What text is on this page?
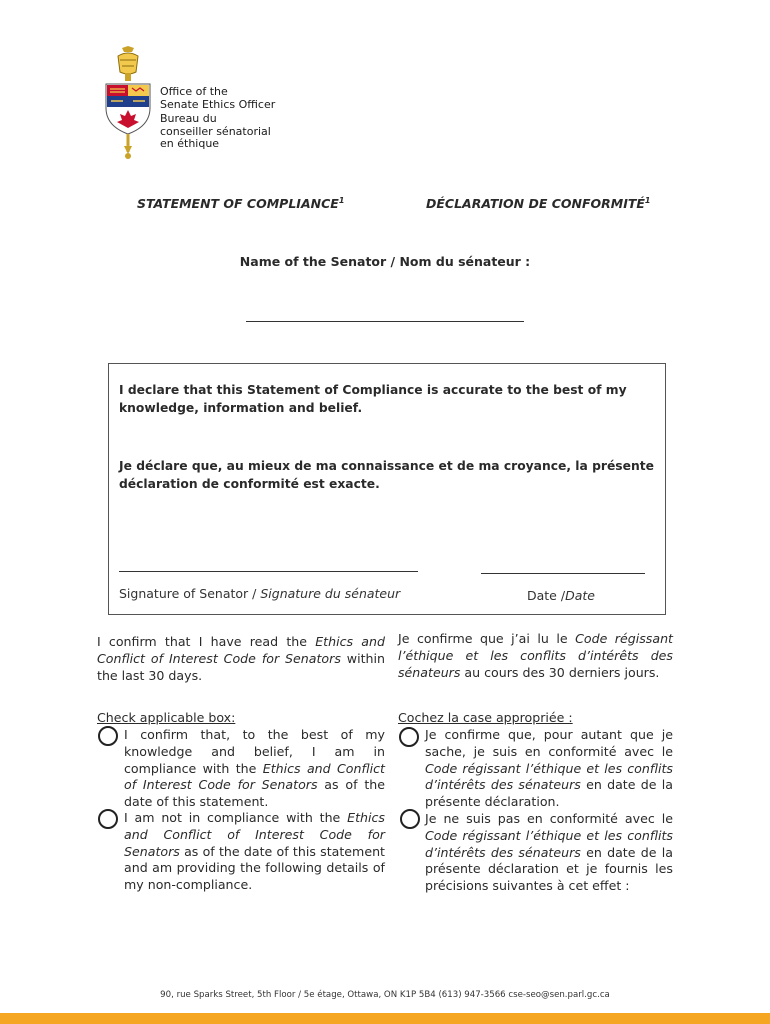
Office of the
Senate Ethics Officer
Bureau du
conseiller sénatorial
en éthique
STATEMENT OF COMPLIANCE$^1$	DÉCLARATION DE CONFORMITÉ$^1$
Name of the Senator / Nom du sénateur :
I declare that this Statement of Compliance is accurate to the best of my knowledge, information and belief.
Je déclare que, au mieux de ma connaissance et de ma croyance, la présente déclaration de conformité est exacte.
Signature of Senator / Signature du sénateur	Date /Date
I confirm that I have read the Ethics and Conflict of Interest Code for Senators within the last 30 days.
Check applicable box:
I confirm that, to the best of my knowledge and belief, I am in compliance with the Ethics and Conflict of Interest Code for Senators as of the date of this statement.
I am not in compliance with the Ethics and Conflict of Interest Code for Senators as of the date of this statement and am providing the following details of my non-compliance.
Je confirme que j’ai lu le Code régissant l’éthique et les conflits d’intérêts des sénateurs au cours des 30 derniers jours.
Cochez la case appropriée :
Je confirme que, pour autant que je sache, je suis en conformité avec le Code régissant l’éthique et les conflits d’intérêts des sénateurs en date de la présente déclaration.
Je ne suis pas en conformité avec le Code régissant l’éthique et les conflits d’intérêts des sénateurs en date de la présente déclaration et je fournis les précisions suivantes à cet effet :
90, rue Sparks Street, 5th Floor / 5e étage, Ottawa, ON K1P 5B4 (613) 947-3566 cse-seo@sen.parl.gc.ca
